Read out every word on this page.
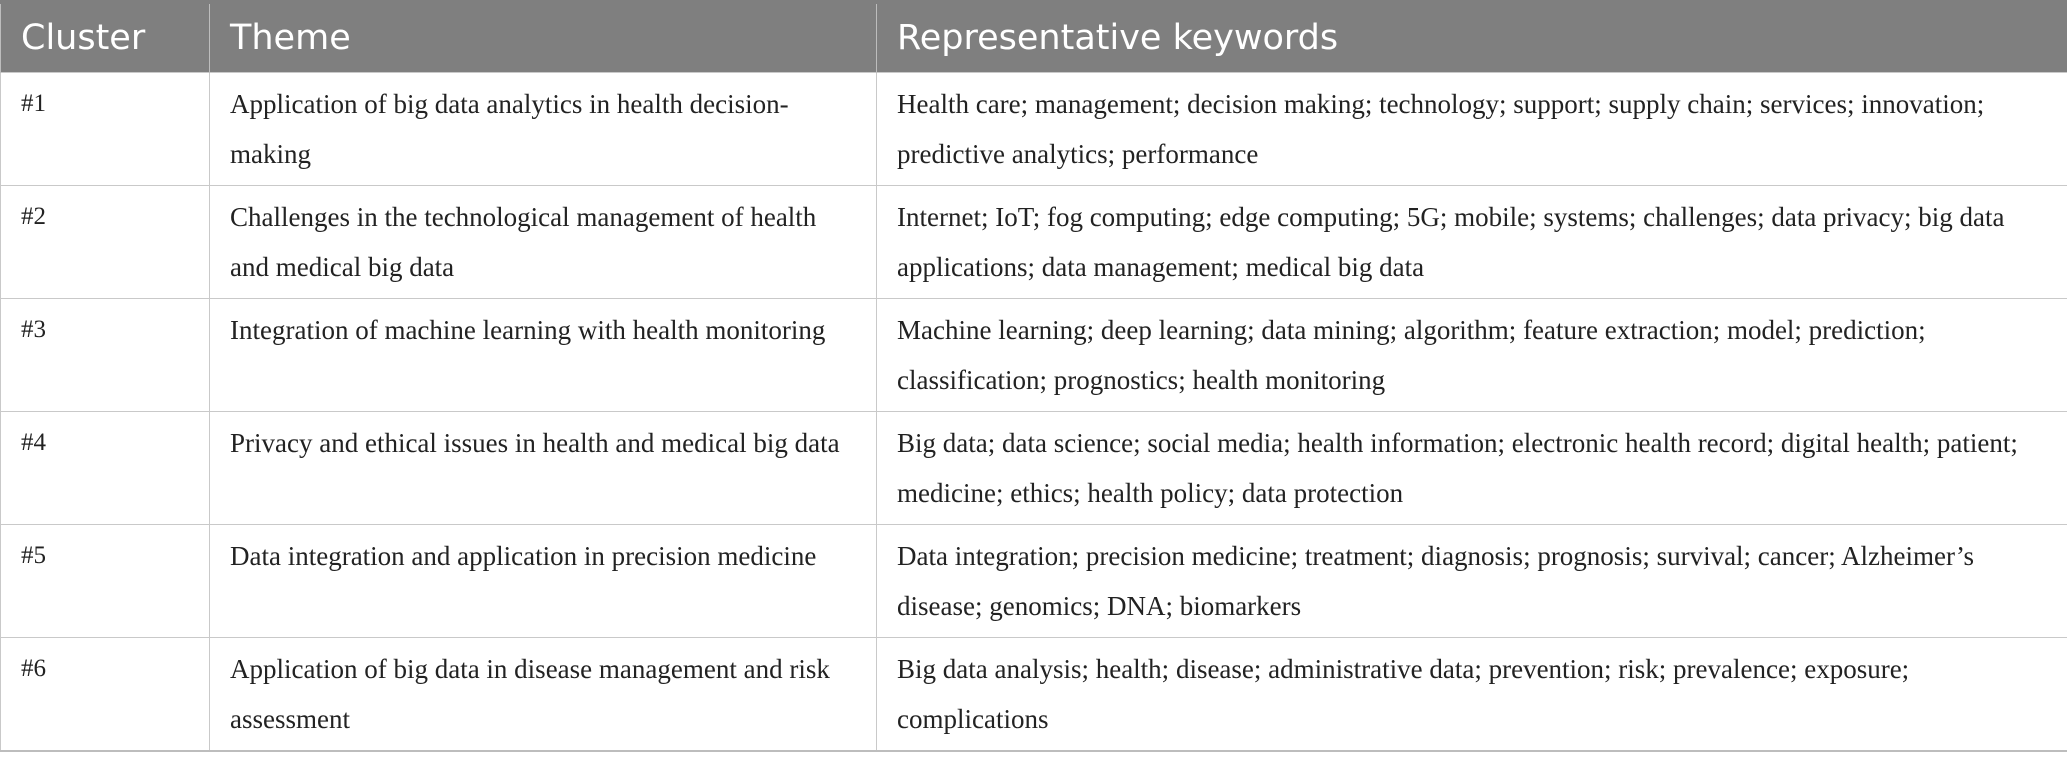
Cluster	Theme	Representative keywords
#1	Application of big data analytics in health decision-making	Health care; management; decision making; technology; support; supply chain; services; innovation; predictive analytics; performance
#2	Challenges in the technological management of health and medical big data	Internet; IoT; fog computing; edge computing; 5G; mobile; systems; challenges; data privacy; big data applications; data management; medical big data
#3	Integration of machine learning with health monitoring	Machine learning; deep learning; data mining; algorithm; feature extraction; model; prediction; classification; prognostics; health monitoring
#4	Privacy and ethical issues in health and medical big data	Big data; data science; social media; health information; electronic health record; digital health; patient; medicine; ethics; health policy; data protection
#5	Data integration and application in precision medicine	Data integration; precision medicine; treatment; diagnosis; prognosis; survival; cancer; Alzheimer’s disease; genomics; DNA; biomarkers
#6	Application of big data in disease management and risk assessment	Big data analysis; health; disease; administrative data; prevention; risk; prevalence; exposure; complications
